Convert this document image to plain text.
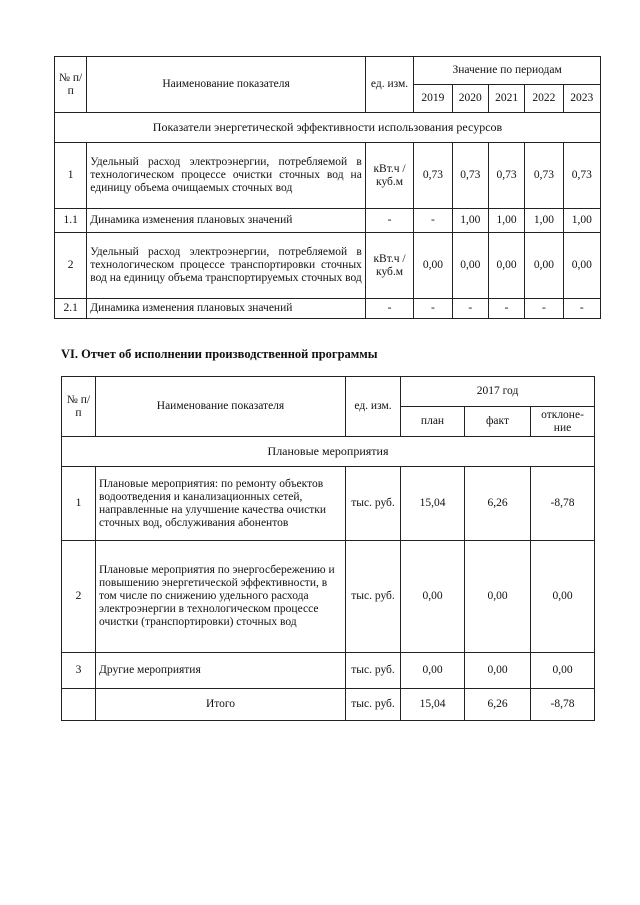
№ п/п	Наименование показателя	ед. изм.	Значение по периодам				
			2019	2020	2021	2022	2023
Показатели энергетической эффективности использования ресурсов							
1	Удельный расход электроэнергии, потребляемой в технологическом процессе очистки сточных вод на единицу объема очищаемых сточных вод	кВт.ч / куб.м	0,73	0,73	0,73	0,73	0,73
1.1	Динамика изменения плановых значений	-	-	1,00	1,00	1,00	1,00
2	Удельный расход электроэнергии, потребляемой в технологическом процессе транспортировки сточных вод на единицу объема транспортируемых сточных вод	кВт.ч / куб.м	0,00	0,00	0,00	0,00	0,00
2.1	Динамика изменения плановых значений	-	-	-	-	-	-
VI. Отчет об исполнении производственной программы
№ п/п	Наименование показателя	ед. изм.	2017 год		
			план	факт	отклоне-ние
Плановые мероприятия					
1	Плановые мероприятия: по ремонту объектов водоотведения и канализационных сетей, направленные на улучшение качества очистки сточных вод, обслуживания абонентов	тыс. руб.	15,04	6,26	-8,78
2	Плановые мероприятия по энергосбережению и повышению энергетической эффективности, в том числе по снижению удельного расхода электроэнергии в технологическом процессе очистки (транспортировки) сточных вод	тыс. руб.	0,00	0,00	0,00
3	Другие мероприятия	тыс. руб.	0,00	0,00	0,00
	Итого	тыс. руб.	15,04	6,26	-8,78
